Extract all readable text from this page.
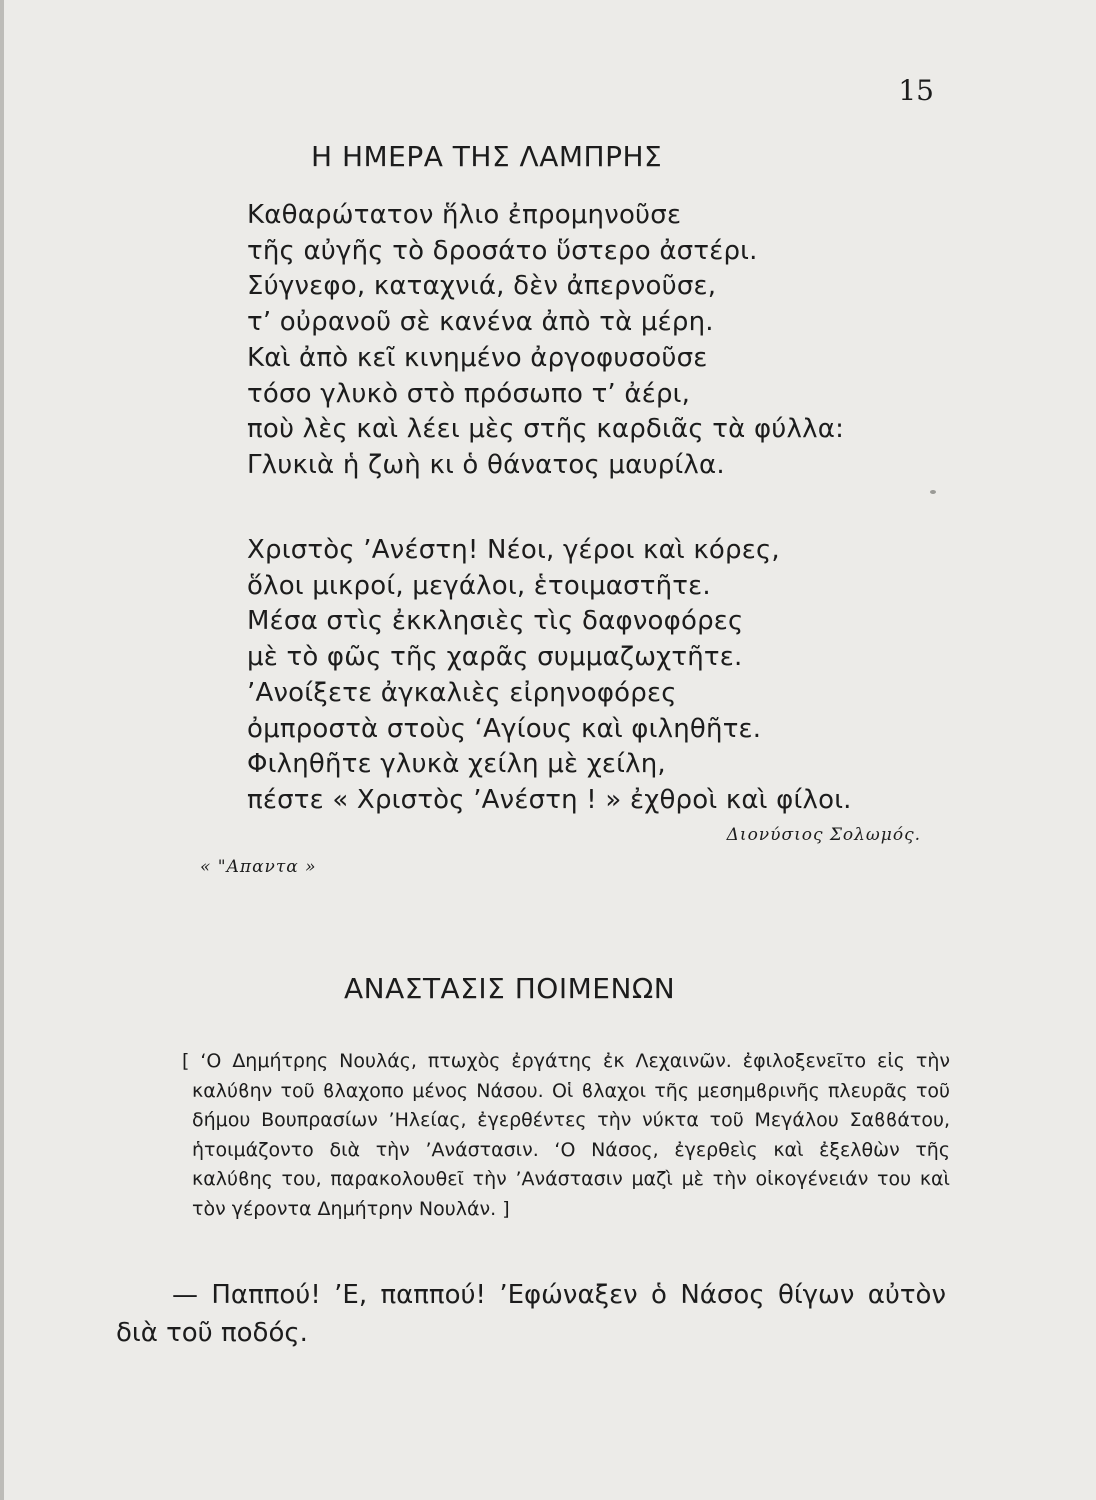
15
Η ΗΜΕΡΑ ΤΗΣ ΛΑΜΠΡΗΣ
Καθαρώτατον ἥλιο ἐπρομηνοῦσε
τῆς αὐγῆς τὸ δροσάτο ὕστερο ἀστέρι.
Σύγνεφο, καταχνιά, δὲν ἀπερνοῦσε,
τ’ οὐρανοῦ σὲ κανένα ἀπὸ τὰ μέρη.
Καὶ ἀπὸ κεῖ κινημένο ἀργοφυσοῦσε
τόσο γλυκὸ στὸ πρόσωπο τ’ ἀέρι,
ποὺ λὲς καὶ λέει μὲς στῆς καρδιᾶς τὰ φύλλα:
Γλυκιὰ ἡ ζωὴ κι ὁ θάνατος μαυρίλα.
Χριστὸς ’Ανέστη! Νέοι, γέροι καὶ κόρες,
ὅλοι μικροί, μεγάλοι, ἑτοιμαστῆτε.
Μέσα στὶς ἐκκλησιὲς τὶς δαφνοφόρες
μὲ τὸ φῶς τῆς χαρᾶς συμμαζωχτῆτε.
’Ανοίξετε ἀγκαλιὲς εἰρηνοφόρες
ὀμπροστὰ στοὺς ‘Αγίους καὶ φιληθῆτε.
Φιληθῆτε γλυκὰ χείλη μὲ χείλη,
πέστε « Χριστὸς ’Ανέστη ! » ἐχθροὶ καὶ φίλοι.
Διονύσιος Σολωμός.
« "Απαντα »
ΑΝΑΣΤΑΣΙΣ ΠΟΙΜΕΝΩΝ
[ ‘Ο Δημήτρης Νουλάς, πτωχὸς ἐργάτης ἐκ Λεχαινῶν. ἐφιλοξενεῖτο εἰς τὴν καλύϐην τοῦ ϐλαχοπο μένος Νάσου. Οἱ ϐλαχοι τῆς μεσημϐρινῆς πλευρᾶς τοῦ δήμου Βουπρασίων ’Ηλείας, ἐγερθέντες τὴν νύκτα τοῦ Μεγάλου Σαϐϐάτου, ἡτοιμάζοντο διὰ τὴν ’Ανάστασιν. ‘Ο Νάσος, ἐγερθεὶς καὶ ἐξελθὼν τῆς καλύϐης του, παρακολουθεῖ τὴν ’Ανάστασιν μαζὶ μὲ τὴν οἰκογένειάν του καὶ τὸν γέροντα Δημήτρην Νουλάν. ]

— Παππού! ’Ε, παππού! ’Εφώναξεν ὁ Νάσος θίγων αὐτὸν διὰ τοῦ ποδός.
